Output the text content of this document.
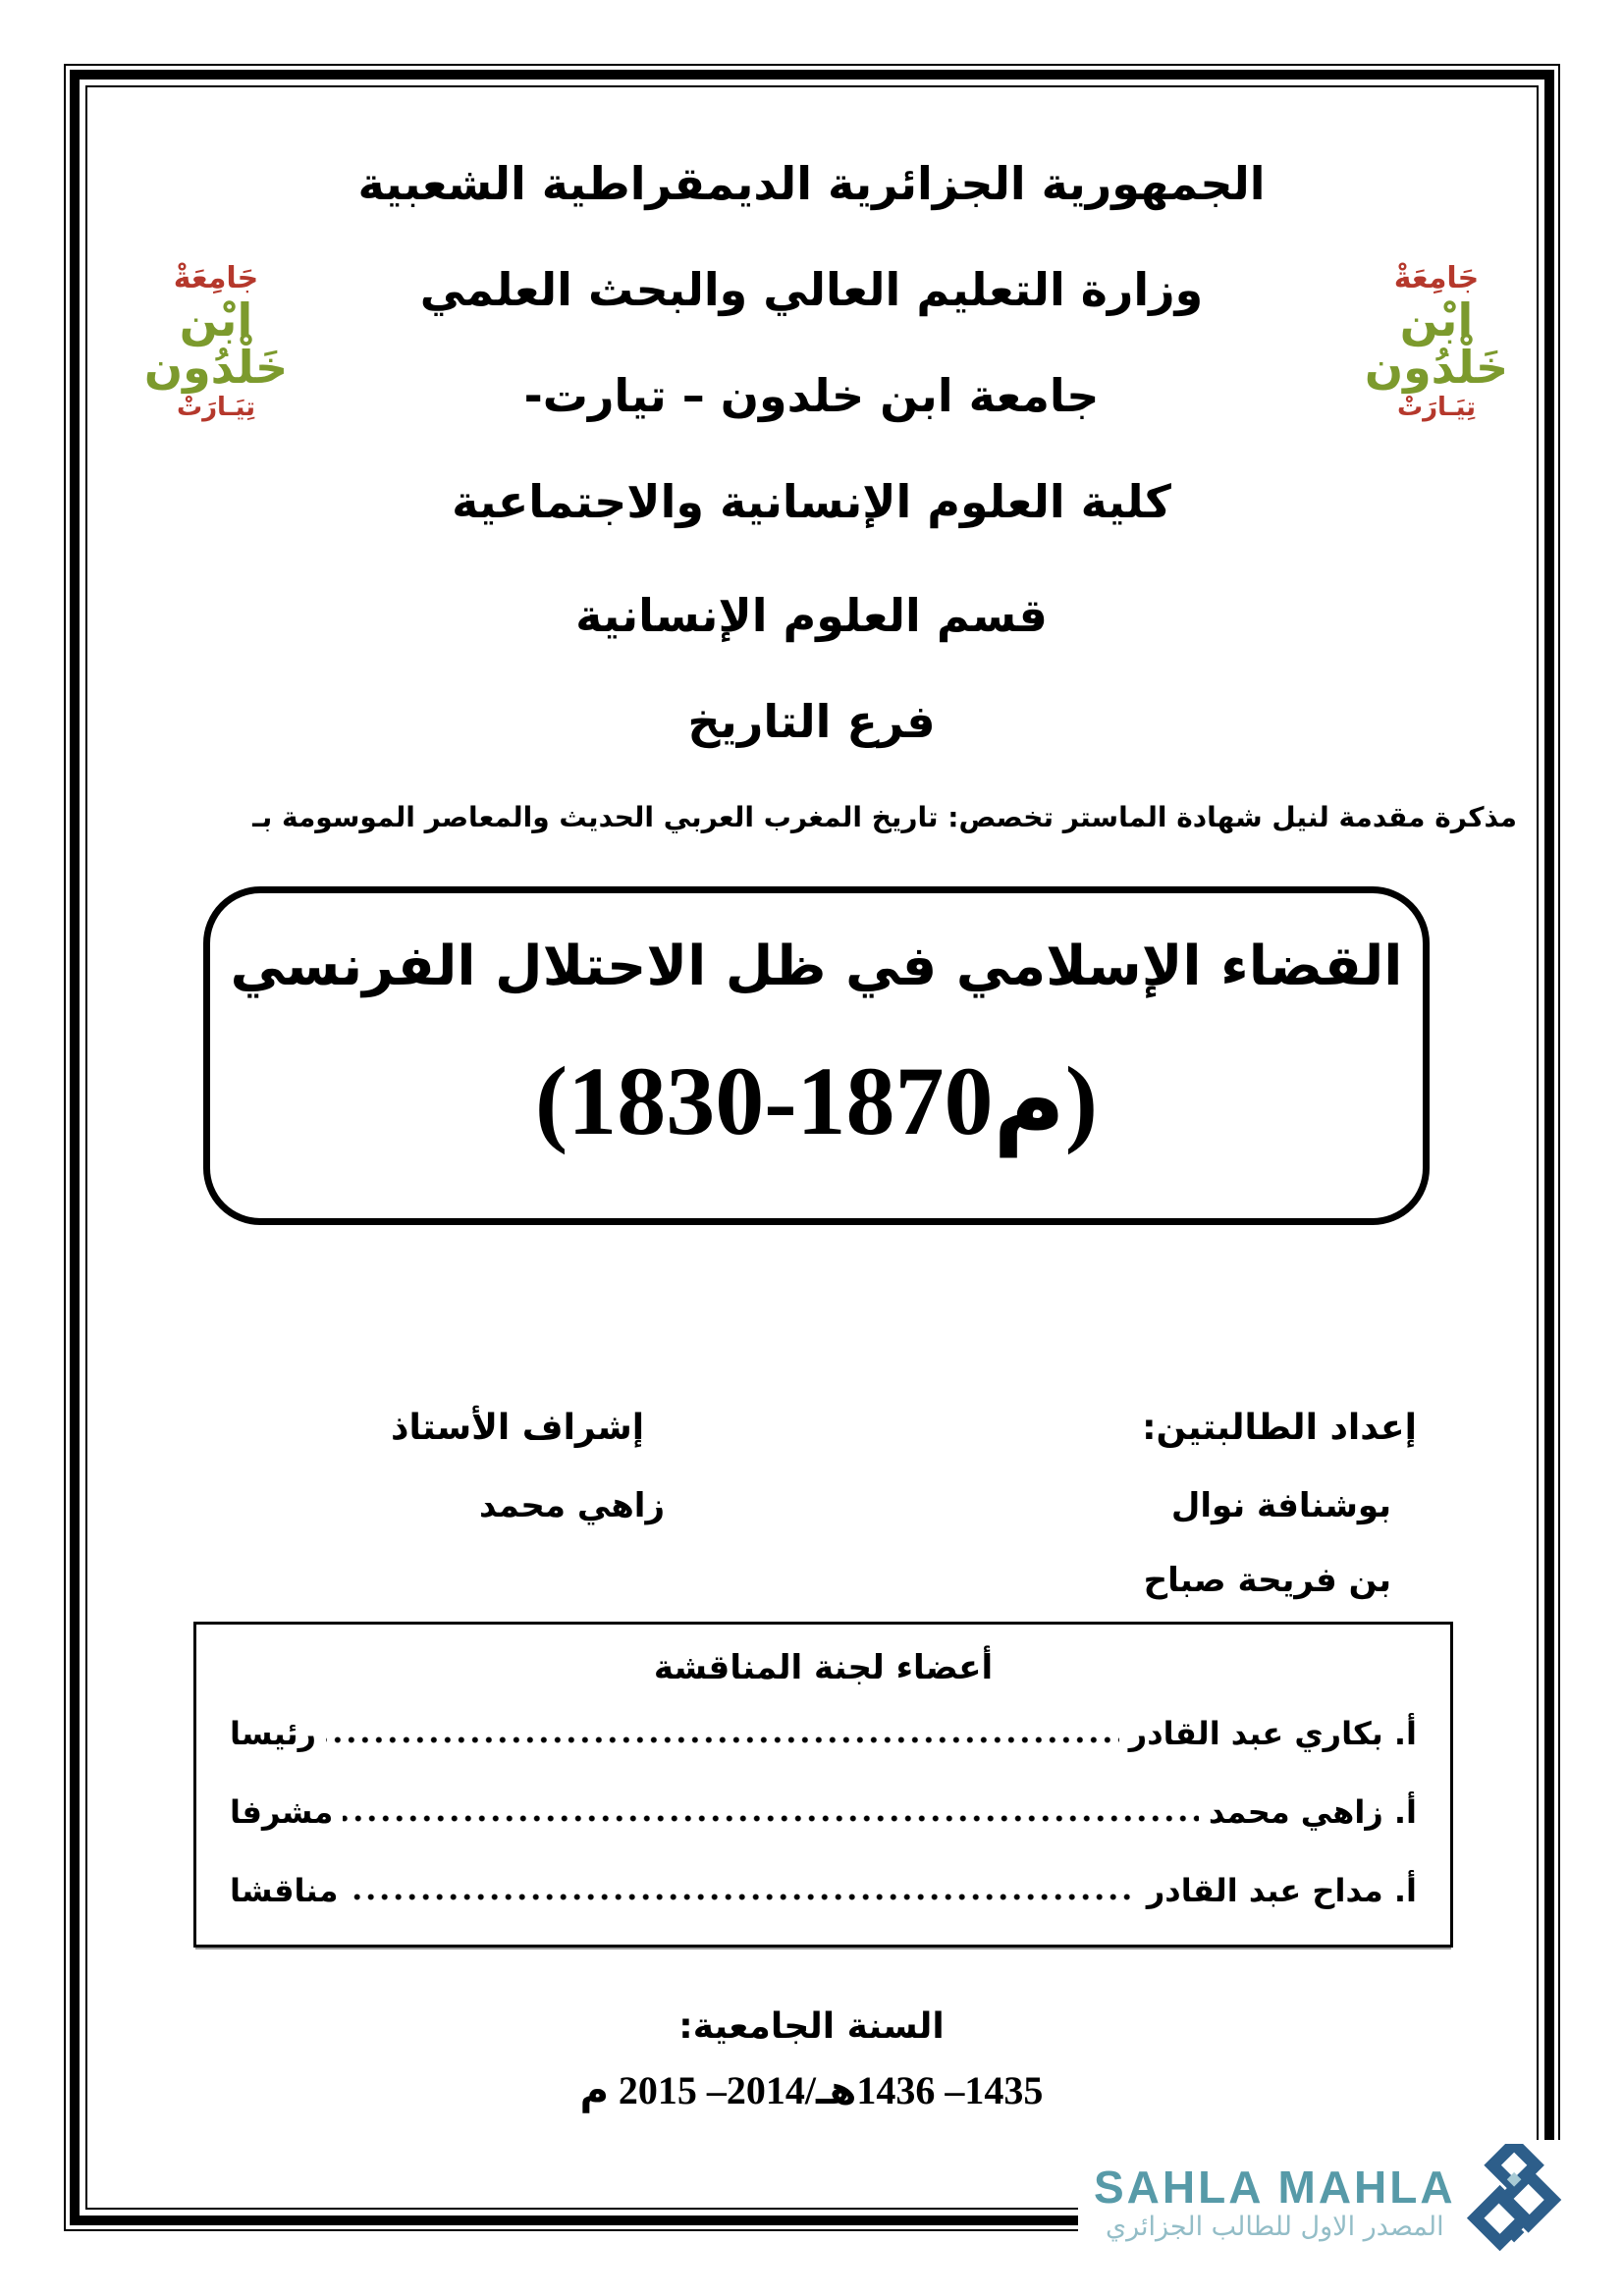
جَامِعَةْ
ابْن خَلْدُون
تِيَـارَتْ
جَامِعَةْ
ابْن خَلْدُون
تِيَـارَتْ
الجمهورية الجزائرية الديمقراطية الشعبية
وزارة التعليم العالي والبحث العلمي
جامعة ابن خلدون – تيارت-
كلية العلوم الإنسانية والاجتماعية
قسم العلوم الإنسانية
فرع التاريخ
مذكرة مقدمة لنيل شهادة الماستر تخصص: تاريخ المغرب العربي الحديث والمعاصر الموسومة بـ
القضاء الإسلامي في ظل الاحتلال الفرنسي
(1830-1870م)
إعداد الطالبتين:
بوشنافة نوال
بن فريحة صباح
إشراف الأستاذ
زاهي محمد
أعضاء لجنة المناقشة
أ. بكاري عبد القادر
رئيسا
أ. زاهي محمد
مشرفا
أ. مداح عبد القادر
مناقشا
السنة الجامعية:
1435– 1436هـ/2014– 2015 م
SAHLA MAHLA
المصدر الاول للطالب الجزائري
